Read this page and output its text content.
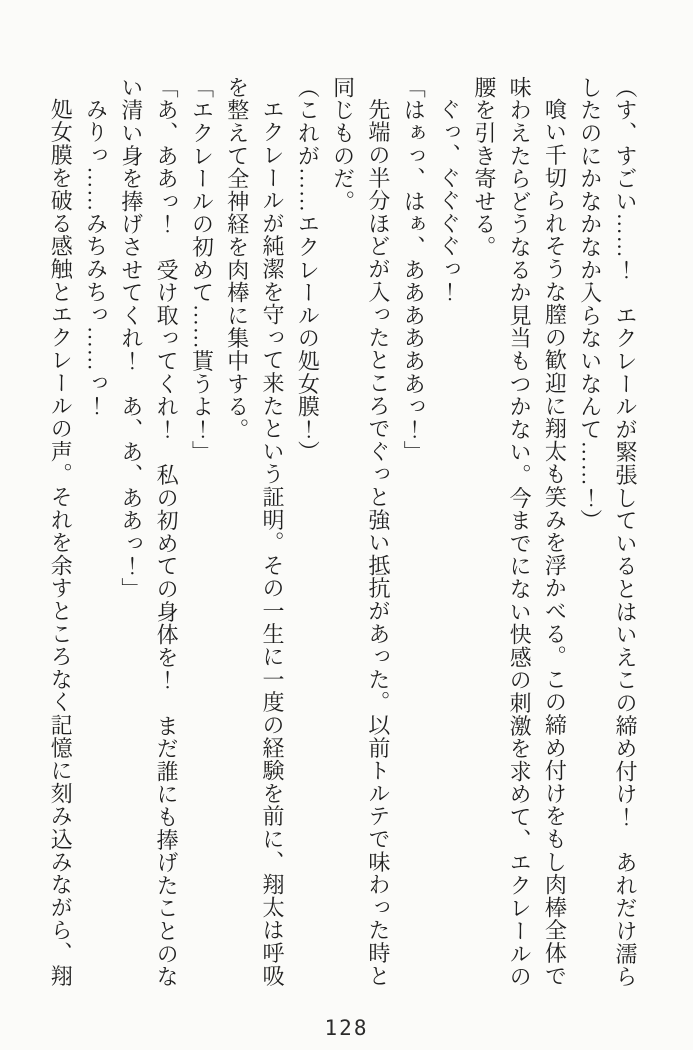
（す、すごい……！　エクレールが緊張しているとはいえこの締め付け！　あれだけ濡らしたのにかなかなか入らないなんて……！）

喰い千切られそうな膣の歓迎に翔太も笑みを浮かべる。この締め付けをもし肉棒全体で味わえたらどうなるか見当もつかない。今までにない快感の刺激を求めて、エクレールの腰を引き寄せる。

ぐっ、ぐぐぐぐっ！

「はぁっ、はぁ、ああああああっ！」

先端の半分ほどが入ったところでぐっと強い抵抗があった。以前トルテで味わった時と同じものだ。

（これが……エクレールの処女膜！）

エクレールが純潔を守って来たという証明。その一生に一度の経験を前に、翔太は呼吸を整えて全神経を肉棒に集中する。

「エクレールの初めて……貰うよ！」

「あ、ああっ！　受け取ってくれ！　私の初めての身体を！　まだ誰にも捧げたことのない清い身を捧げさせてくれ！　あ、あ、ああっ！」

みりっ……みちみちっ……っ！

処女膜を破る感触とエクレールの声。それを余すところなく記憶に刻み込みながら、翔

128
